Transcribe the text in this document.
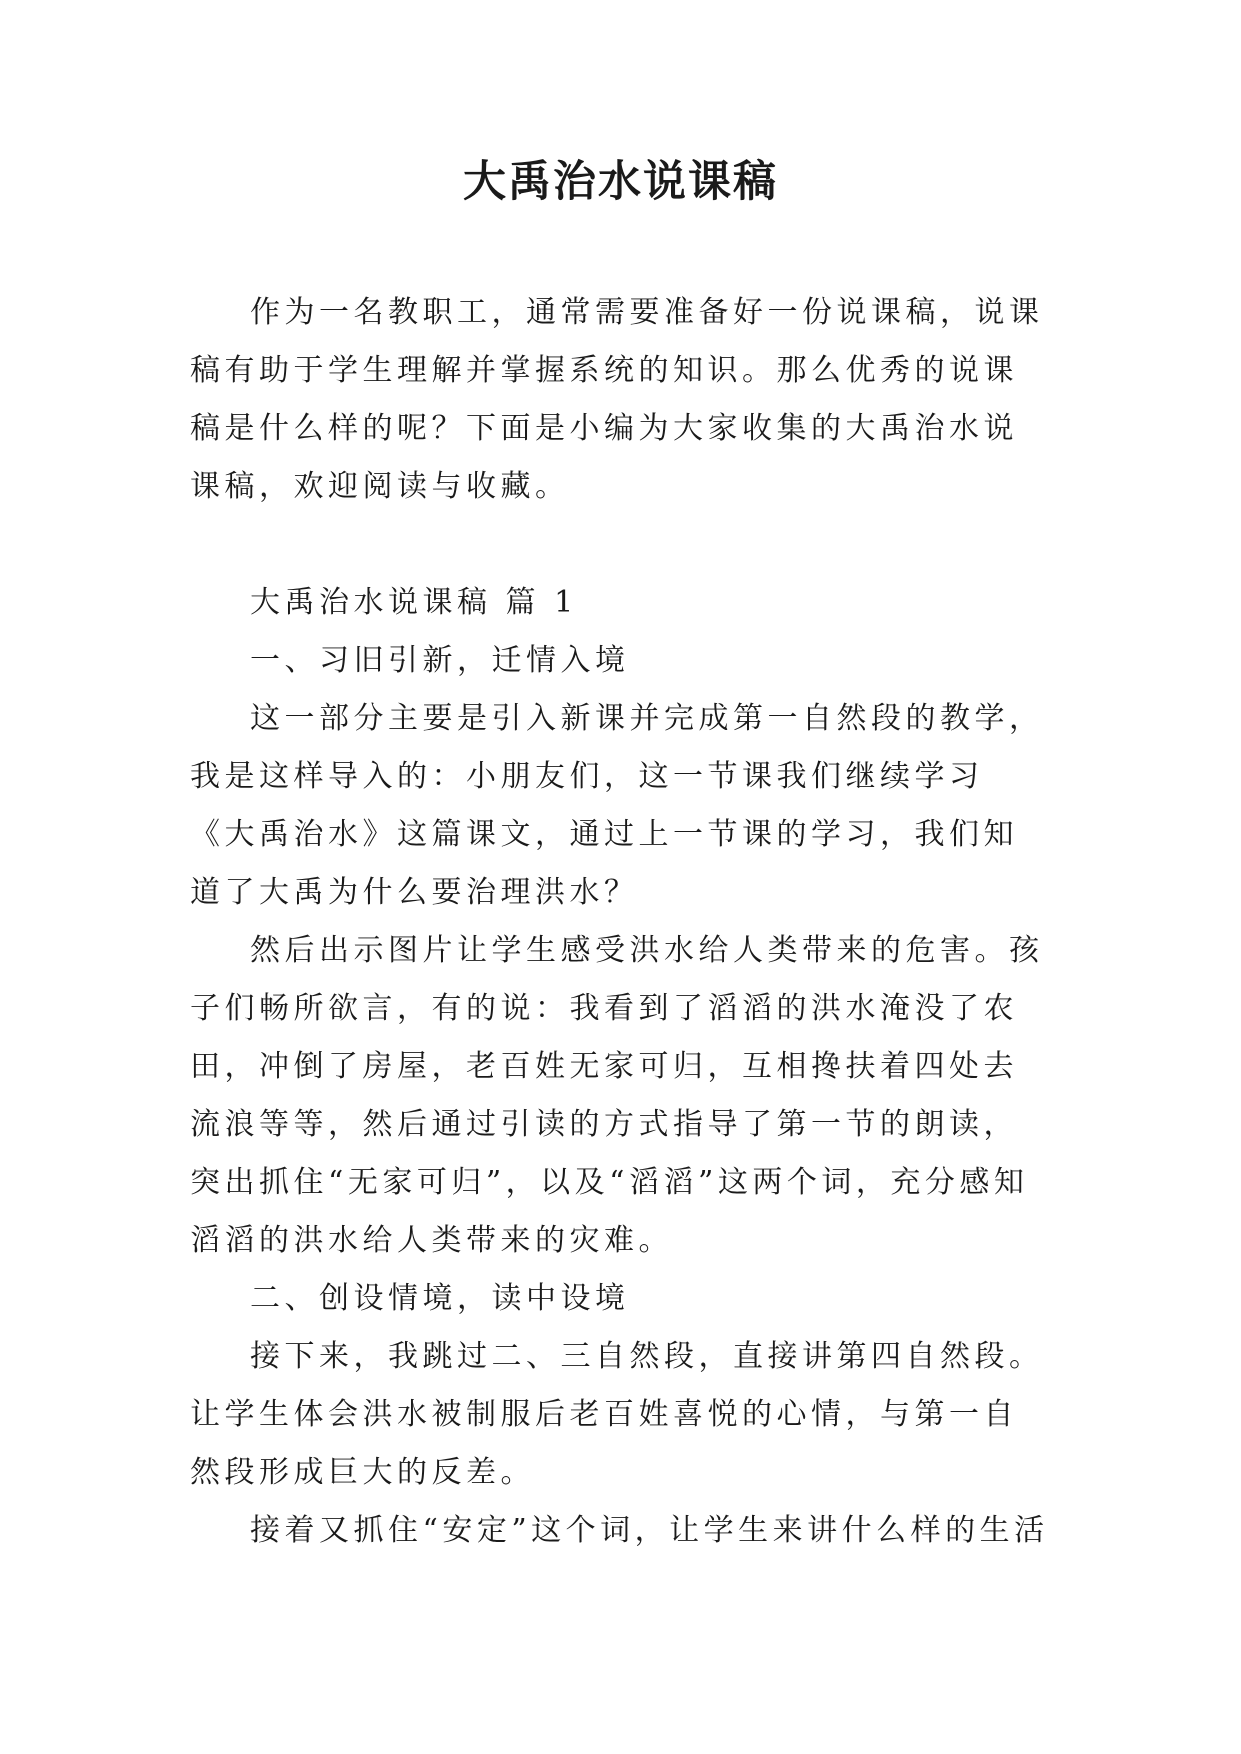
大禹治水说课稿

作为一名教职工，通常需要准备好一份说课稿，说课稿有助于学生理解并掌握系统的知识。那么优秀的说课稿是什么样的呢？下面是小编为大家收集的大禹治水说课稿，欢迎阅读与收藏。

大禹治水说课稿 篇 1

一、习旧引新，迁情入境

这一部分主要是引入新课并完成第一自然段的教学，我是这样导入的：小朋友们，这一节课我们继续学习《大禹治水》这篇课文，通过上一节课的学习，我们知道了大禹为什么要治理洪水？

然后出示图片让学生感受洪水给人类带来的危害。孩子们畅所欲言，有的说：我看到了滔滔的洪水淹没了农田，冲倒了房屋，老百姓无家可归，互相搀扶着四处去流浪等等，然后通过引读的方式指导了第一节的朗读，突出抓住“无家可归”，以及“滔滔”这两个词，充分感知滔滔的洪水给人类带来的灾难。

二、创设情境，读中设境

接下来，我跳过二、三自然段，直接讲第四自然段。让学生体会洪水被制服后老百姓喜悦的心情，与第一自然段形成巨大的反差。

接着又抓住“安定”这个词，让学生来讲什么样的生活
